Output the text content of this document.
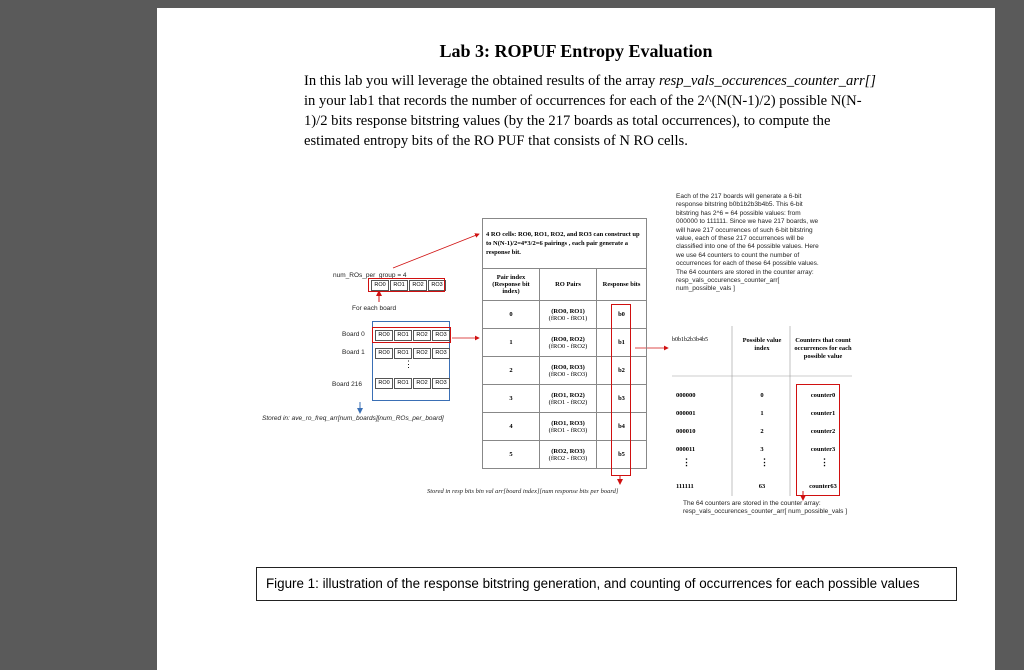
Lab 3: ROPUF Entropy Evaluation
In this lab you will leverage the obtained results of the array resp_vals_occurences_counter_arr[]
in your lab1 that records the number of occurrences for each of the 2^(N(N-1)/2) possible N(N-
1)/2 bits response bitstring values (by the 217 boards as total occurrences), to compute the
estimated entropy bits of the RO PUF that consists of N RO cells.
num_ROs_per_group = 4
RO0	RO1	RO2	RO3
For each board
Board 0	RO0	RO1	RO2	RO3
Board 1	RO0	RO1	RO2	RO3
⋮
Board 216	RO0	RO1	RO2	RO3
Stored in: ave_ro_freq_arr[num_boards][num_ROs_per_board]
4 RO cells: RO0, RO1, RO2, and RO3 can construct up to N(N-1)/2=4*3/2=6 pairings , each pair generate a response bit.		
Pair index (Response bit index)	RO Pairs	Response bits
0	(RO0, RO1)
(fRO0 - fRO1)	b0
1	(RO0, RO2)
(fRO0 - fRO2)	b1
2	(RO0, RO3)
(fRO0 - fRO3)	b2
3	(RO1, RO2)
(fRO1 - fRO2)	b3
4	(RO1, RO3)
(fRO1 - fRO3)	b4
5	(RO2, RO3)
(fRO2 - fRO3)	b5
Stored in resp bits bin val arr[board index][num response bits per board]
Each of the 217 boards will generate a 6-bit response bitstring b0b1b2b3b4b5. This 6-bit bitstring has 2^6 = 64 possible values: from 000000 to 111111. Since we have 217 boards, we will have 217 occurrences of such 6-bit bitstring value, each of these 217 occurrences will be classified into one of the 64 possible values. Here we use 64 counters to count the number of occurrences for each of these 64 possible values. The 64 counters are stored in the counter array: resp_vals_occurences_counter_arr[ num_possible_vals ]
b0b1b2b3b4b5	Possible value index
Counters that count occurrences for each possible value
000000	0	counter0
000001	1	counter1
000010	2	counter2
000011	3	counter3
⋮	⋮	⋮
111111	63	counter63
The 64 counters are stored in the counter array: resp_vals_occurences_counter_arr[ num_possible_vals ]
Figure 1: illustration of the response bitstring generation, and counting of occurrences for each possible values
